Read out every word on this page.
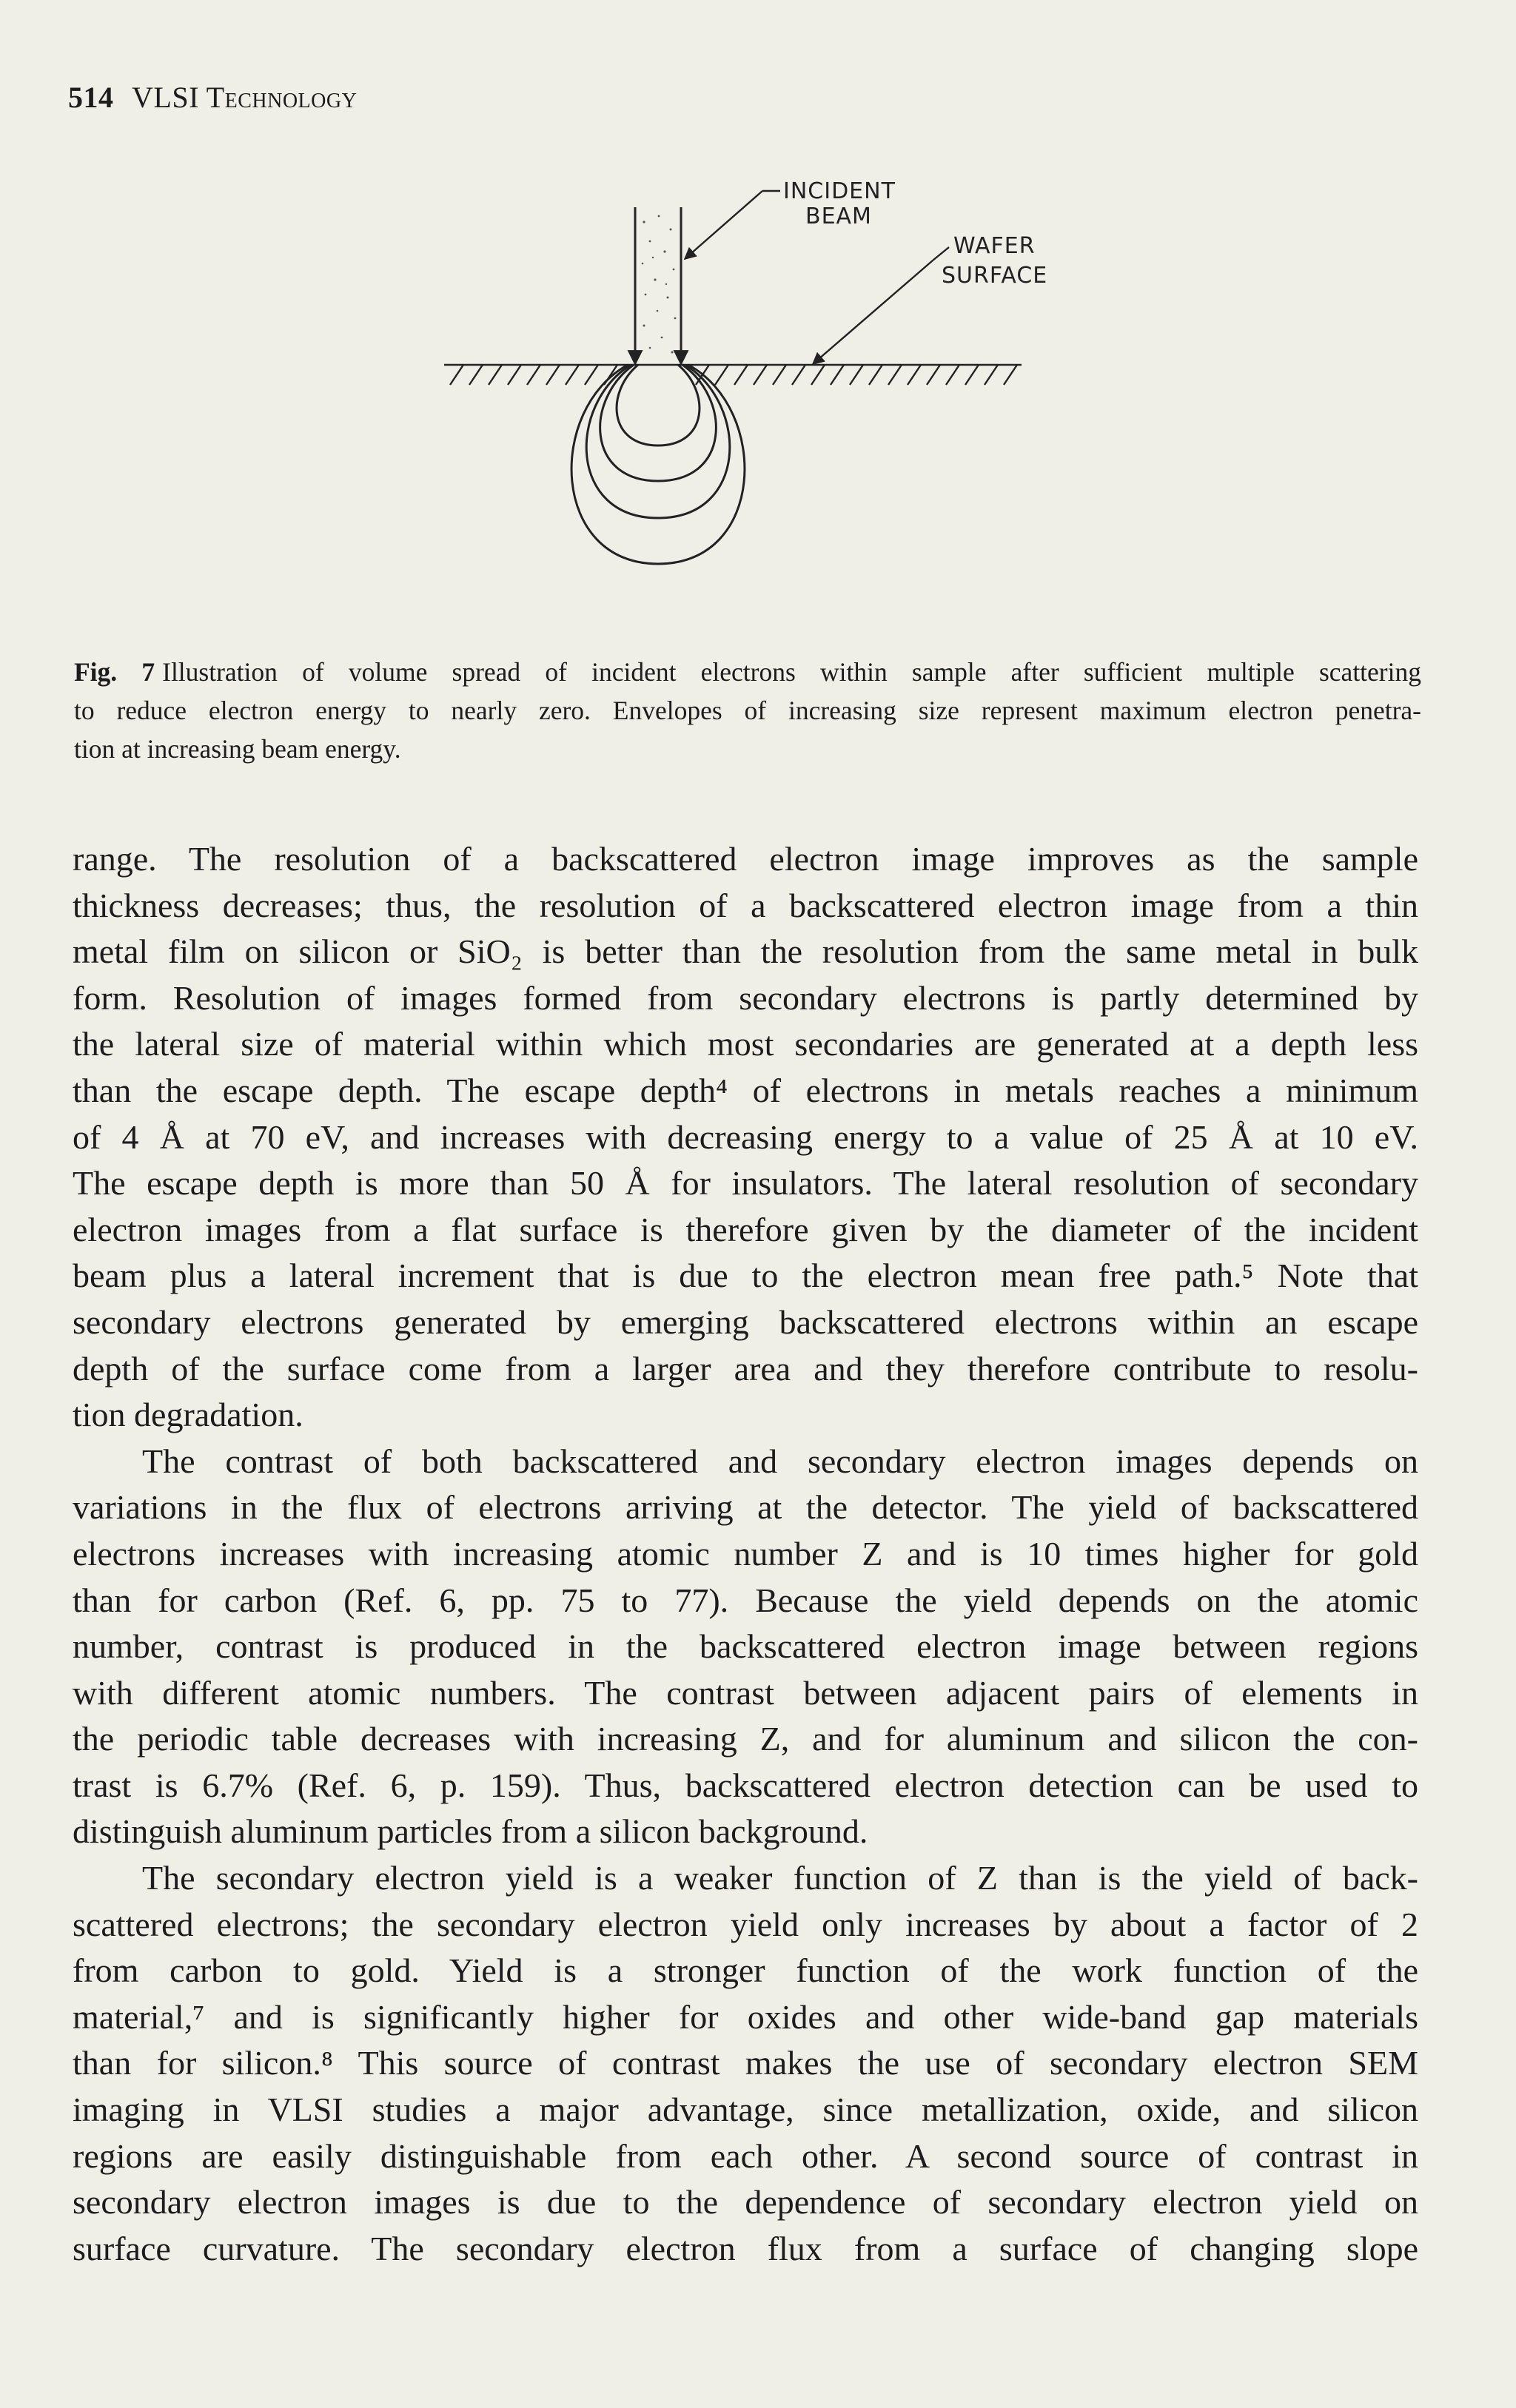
514 VLSI Technology
INCIDENT
BEAM
WAFER
SURFACE
Fig. 7 Illustration of volume spread of incident electrons within sample after sufficient multiple scattering
to reduce electron energy to nearly zero. Envelopes of increasing size represent maximum electron penetra-
tion at increasing beam energy.
range. The resolution of a backscattered electron image improves as the sample
thickness decreases; thus, the resolution of a backscattered electron image from a thin
metal film on silicon or SiO₂ is better than the resolution from the same metal in bulk
form. Resolution of images formed from secondary electrons is partly determined by
the lateral size of material within which most secondaries are generated at a depth less
than the escape depth. The escape depth⁴ of electrons in metals reaches a minimum
of 4 Å at 70 eV, and increases with decreasing energy to a value of 25 Å at 10 eV.
The escape depth is more than 50 Å for insulators. The lateral resolution of secondary
electron images from a flat surface is therefore given by the diameter of the incident
beam plus a lateral increment that is due to the electron mean free path.⁵ Note that
secondary electrons generated by emerging backscattered electrons within an escape
depth of the surface come from a larger area and they therefore contribute to resolu-
tion degradation.
The contrast of both backscattered and secondary electron images depends on
variations in the flux of electrons arriving at the detector. The yield of backscattered
electrons increases with increasing atomic number Z and is 10 times higher for gold
than for carbon (Ref. 6, pp. 75 to 77). Because the yield depends on the atomic
number, contrast is produced in the backscattered electron image between regions
with different atomic numbers. The contrast between adjacent pairs of elements in
the periodic table decreases with increasing Z, and for aluminum and silicon the con-
trast is 6.7% (Ref. 6, p. 159). Thus, backscattered electron detection can be used to
distinguish aluminum particles from a silicon background.
The secondary electron yield is a weaker function of Z than is the yield of back-
scattered electrons; the secondary electron yield only increases by about a factor of 2
from carbon to gold. Yield is a stronger function of the work function of the
material,⁷ and is significantly higher for oxides and other wide-band gap materials
than for silicon.⁸ This source of contrast makes the use of secondary electron SEM
imaging in VLSI studies a major advantage, since metallization, oxide, and silicon
regions are easily distinguishable from each other. A second source of contrast in
secondary electron images is due to the dependence of secondary electron yield on
surface curvature. The secondary electron flux from a surface of changing slope
